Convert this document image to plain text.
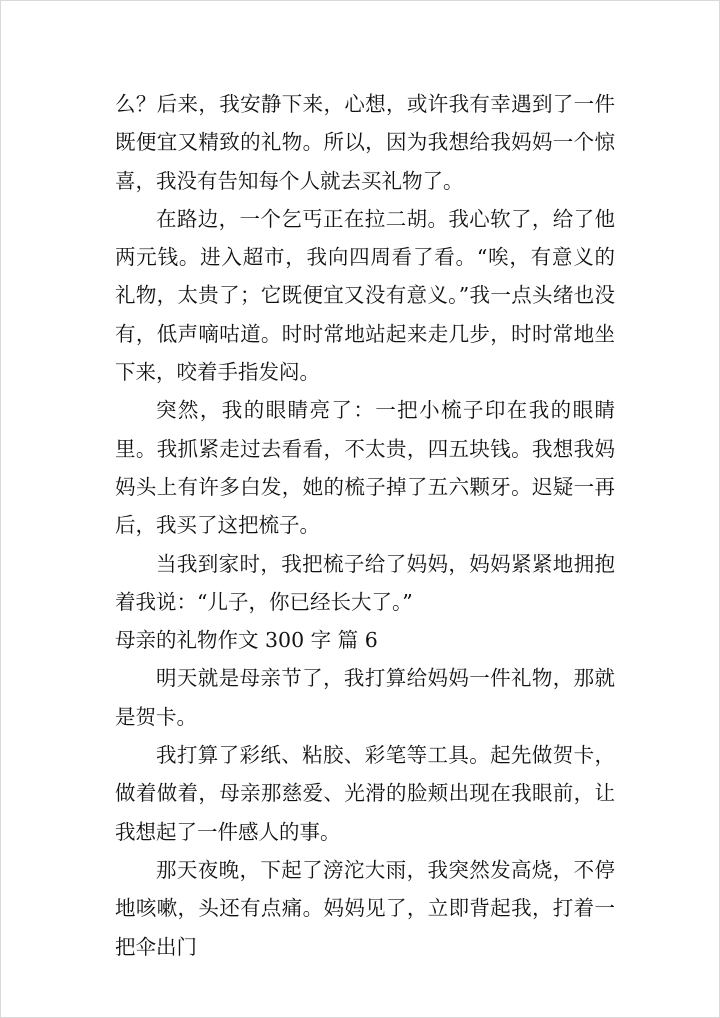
么？后来，我安静下来，心想，或许我有幸遇到了一件既便宜又精致的礼物。所以，因为我想给我妈妈一个惊喜，我没有告知每个人就去买礼物了。

在路边，一个乞丐正在拉二胡。我心软了，给了他两元钱。进入超市，我向四周看了看。“唉，有意义的礼物，太贵了；它既便宜又没有意义。”我一点头绪也没有，低声嘀咕道。时时常地站起来走几步，时时常地坐下来，咬着手指发闷。

突然，我的眼睛亮了：一把小梳子印在我的眼睛里。我抓紧走过去看看，不太贵，四五块钱。我想我妈妈头上有许多白发，她的梳子掉了五六颗牙。迟疑一再后，我买了这把梳子。

当我到家时，我把梳子给了妈妈，妈妈紧紧地拥抱着我说：“儿子，你已经长大了。”

母亲的礼物作文 300 字 篇 6

明天就是母亲节了，我打算给妈妈一件礼物，那就是贺卡。

我打算了彩纸、粘胶、彩笔等工具。起先做贺卡，做着做着，母亲那慈爱、光滑的脸颊出现在我眼前，让我想起了一件感人的事。

那天夜晚，下起了滂沱大雨，我突然发高烧，不停地咳嗽，头还有点痛。妈妈见了，立即背起我，打着一把伞出门
